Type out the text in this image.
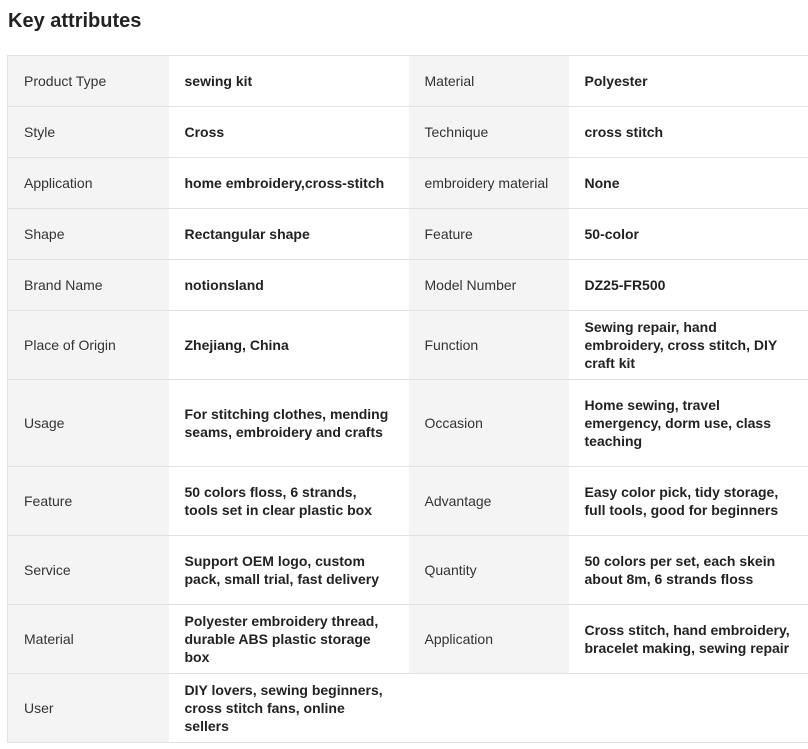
Key attributes
Product Type	sewing kit	Material	Polyester
Style	Cross	Technique	cross stitch
Application	home embroidery,cross-stitch	embroidery material	None
Shape	Rectangular shape	Feature	50-color
Brand Name	notionsland	Model Number	DZ25-FR500
Place of Origin	Zhejiang, China	Function	Sewing repair, hand embroidery, cross stitch, DIY craft kit
Usage	For stitching clothes, mending seams, embroidery and crafts	Occasion	Home sewing, travel emergency, dorm use, class teaching
Feature	50 colors floss, 6 strands, tools set in clear plastic box	Advantage	Easy color pick, tidy storage, full tools, good for beginners
Service	Support OEM logo, custom pack, small trial, fast delivery	Quantity	50 colors per set, each skein about 8m, 6 strands floss
Material	Polyester embroidery thread, durable ABS plastic storage box	Application	Cross stitch, hand embroidery, bracelet making, sewing repair
User	DIY lovers, sewing beginners, cross stitch fans, online sellers		
